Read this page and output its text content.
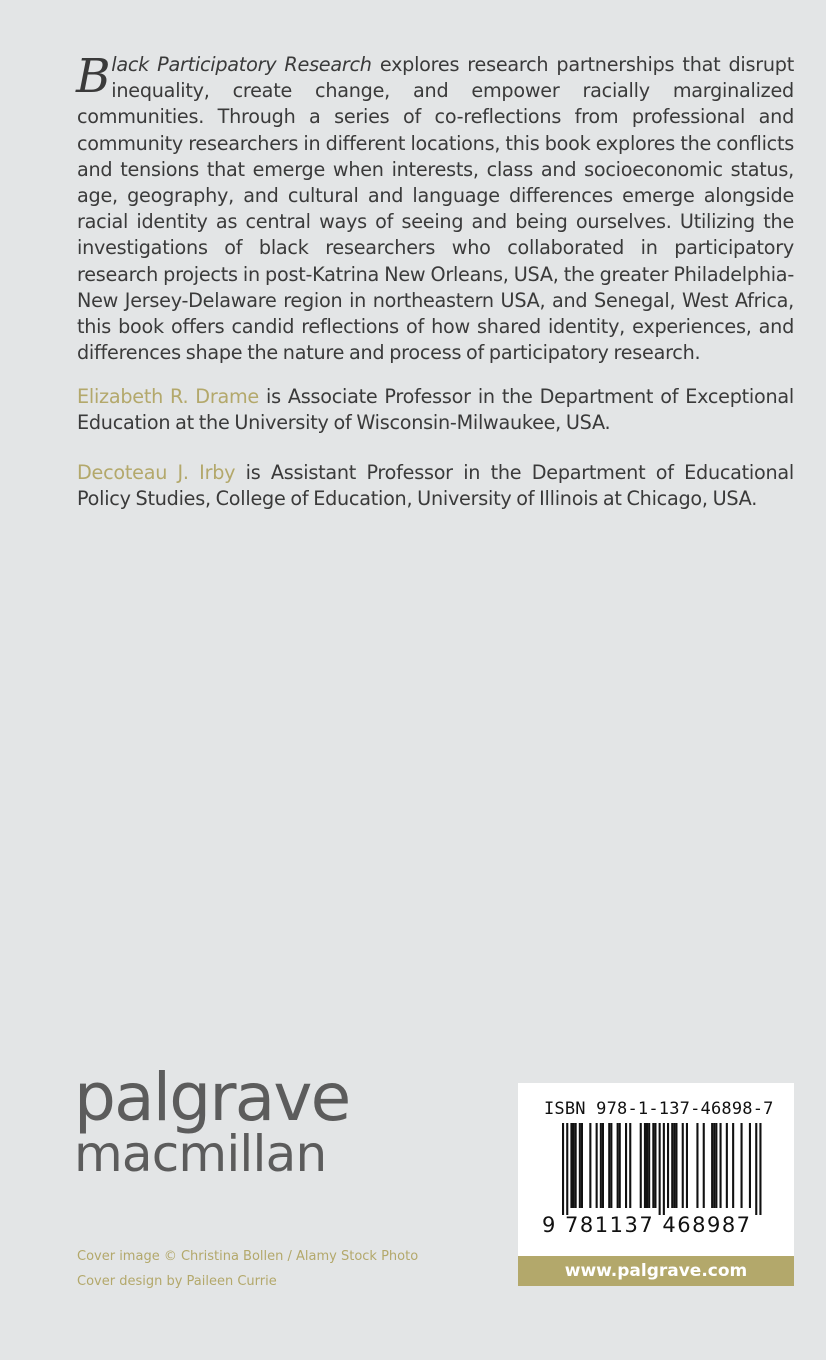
Black Participatory Research explores research partnerships that disrupt inequality, create change, and empower racially marginalized communities. Through a series of co-reflections from professional and community researchers in different locations, this book explores the conflicts and tensions that emerge when interests, class and socioeconomic status, age, geography, and cultural and language differences emerge alongside racial identity as central ways of seeing and being ourselves. Utilizing the investigations of black researchers who collaborated in participatory research projects in post-Katrina New Orleans, USA, the greater Philadelphia-New Jersey-Delaware region in northeastern USA, and Senegal, West Africa, this book offers candid reflections of how shared identity, experiences, and differences shape the nature and process of participatory research.

Elizabeth R. Drame is Associate Professor in the Department of Exceptional Education at the University of Wisconsin-Milwaukee, USA.

Decoteau J. Irby is Assistant Professor in the Department of Educational Policy Studies, College of Education, University of Illinois at Chicago, USA.

palgrave
macmillan
Cover image © Christina Bollen / Alamy Stock Photo
Cover design by Paileen Currie
ISBN 978-1-137-46898-7
9 781137 468987
www.palgrave.com
